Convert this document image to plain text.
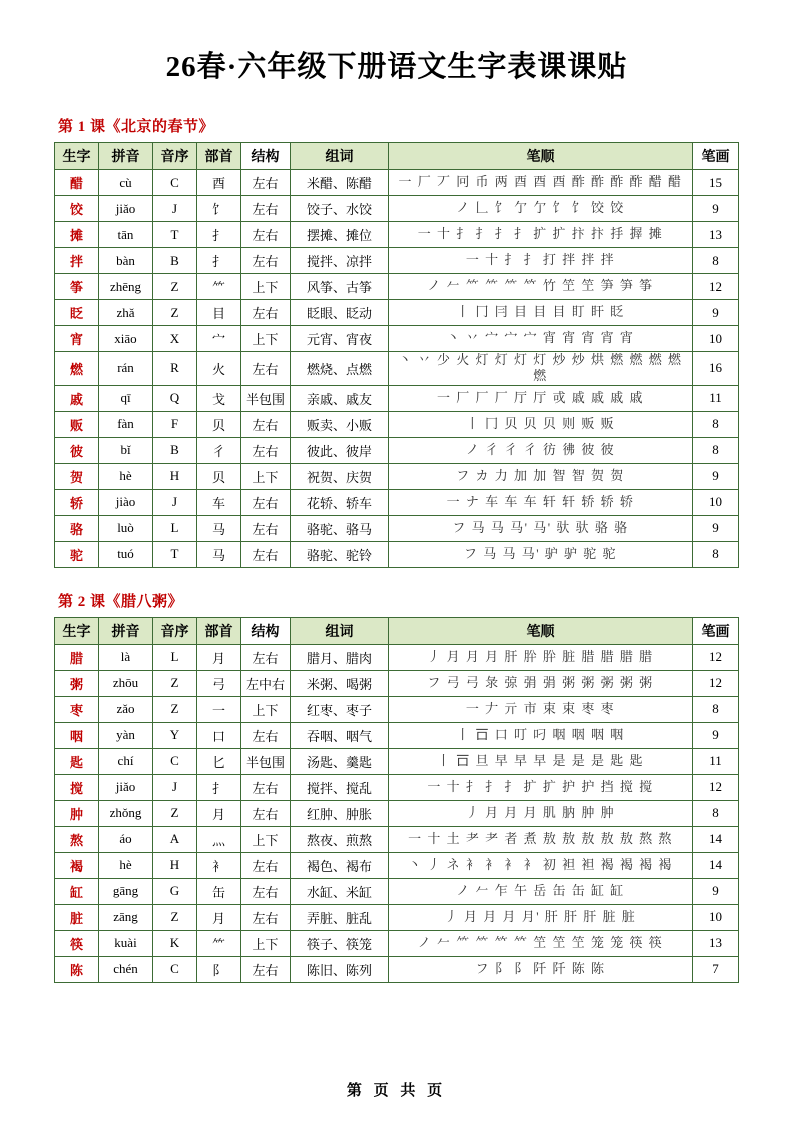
26春·六年级下册语文生字表课课贴
第 1 课《北京的春节》
生字	拼音	音序	部首	结构	组词	笔顺	笔画
醋	cù	C	酉	左右	米醋、陈醋	一 厂 丆 冋 币 两 酉 酉 酉 酢 酢 酢 酢 醋 醋	15
饺	jiǎo	J	饣	左右	饺子、水饺	ノ 𠃊 饣 亇 亇 饣 饣 饺 饺	9
摊	tān	T	扌	左右	摆摊、摊位	一 十 扌 扌 扌 扌 扩 扩 抃 抃 抙 搱 摊	13
拌	bàn	B	扌	左右	搅拌、凉拌	一 十 扌 扌 打 拌 拌 拌	8
筝	zhēng	Z	⺮	上下	风筝、古筝	ノ 𠂉 ⺮ ⺮ ⺮ 𥫗 竹 笁 笁 笋 笋 筝	12
眨	zhǎ	Z	目	左右	眨眼、眨动	丨 冂 冃 目 目 目 盯 盰 眨	9
宵	xiāo	X	宀	上下	元宵、宵夜	丶 丷 宀 宀 宀 宵 宵 宵 宵 宵	10
燃	rán	R	火	左右	燃烧、点燃	丶 丷 少 火 灯 灯 灯 灯 炒 炒 烘 燃 燃 燃 燃 燃	16
戚	qī	Q	戈	半包围	亲戚、戚友	一 厂 厂 厂 厅 厅 戓 戚 戚 戚 戚	11
贩	fàn	F	贝	左右	贩卖、小贩	丨 冂 贝 贝 贝 则 贩 贩	8
彼	bǐ	B	彳	左右	彼此、彼岸	ノ 彳 彳 彳 彷 彿 彼 彼	8
贺	hè	H	贝	上下	祝贺、庆贺	フ カ 力 加 加 智 智 贺 贺	9
轿	jiào	J	车	左右	花轿、轿车	一 ナ 车 车 车 轩 轩 轿 轿 轿	10
骆	luò	L	马	左右	骆驼、骆马	フ 马 马 马' 马' 驮 驮 骆 骆	9
驼	tuó	T	马	左右	骆驼、驼铃	フ 马 马 马' 驴 驴 驼 驼	8
第 2 课《腊八粥》
生字	拼音	音序	部首	结构	组词	笔顺	笔画
腊	là	L	月	左右	腊月、腊肉	丿 月 月 月 肝 肸 肸 脏 腊 腊 腊 腊	12
粥	zhōu	Z	弓	左中右	米粥、喝粥	フ 弓 弓 彔 弶 弲 弲 粥 粥 粥 粥 粥	12
枣	zǎo	Z	一	上下	红枣、枣子	一 𠂇 亓 市 束 束 枣 枣	8
咽	yàn	Y	口	左右	吞咽、咽气	丨 𠮛 口 叮 叼 咽 咽 咽 咽	9
匙	chí	C	匕	半包围	汤匙、羹匙	丨 𠮛 旦 早 早 早 是 是 是 匙 匙	11
搅	jiǎo	J	扌	左右	搅拌、搅乱	一 十 扌 扌 扌 扩 扩 护 护 挡 搅 搅	12
肿	zhǒng	Z	月	左右	红肿、肿胀	丿 月 月 月 肌 肭 肿 肿	8
熬	áo	A	灬	上下	熬夜、煎熬	一 十 土 耂 耂 者 煮 敖 敖 敖 敖 敖 熬 熬	14
褐	hè	H	衤	左右	褐色、褐布	丶 丿 ネ 衤 衤 衤 衤 初 袒 袒 褐 褐 褐 褐	14
缸	gāng	G	缶	左右	水缸、米缸	ノ 𠂉 乍 午 岳 缶 缶 缸 缸	9
脏	zāng	Z	月	左右	弄脏、脏乱	丿 月 月 月 月' 肝 肝 肝 脏 脏	10
筷	kuài	K	⺮	上下	筷子、筷笼	ノ 𠂉 ⺮ ⺮ 𥫗 𥫗 笁 笁 笁 笼 笼 筷 筷	13
陈	chén	C	阝	左右	陈旧、陈列	フ 阝 阝 阡 阡 陈 陈	7
第 页 共 页
